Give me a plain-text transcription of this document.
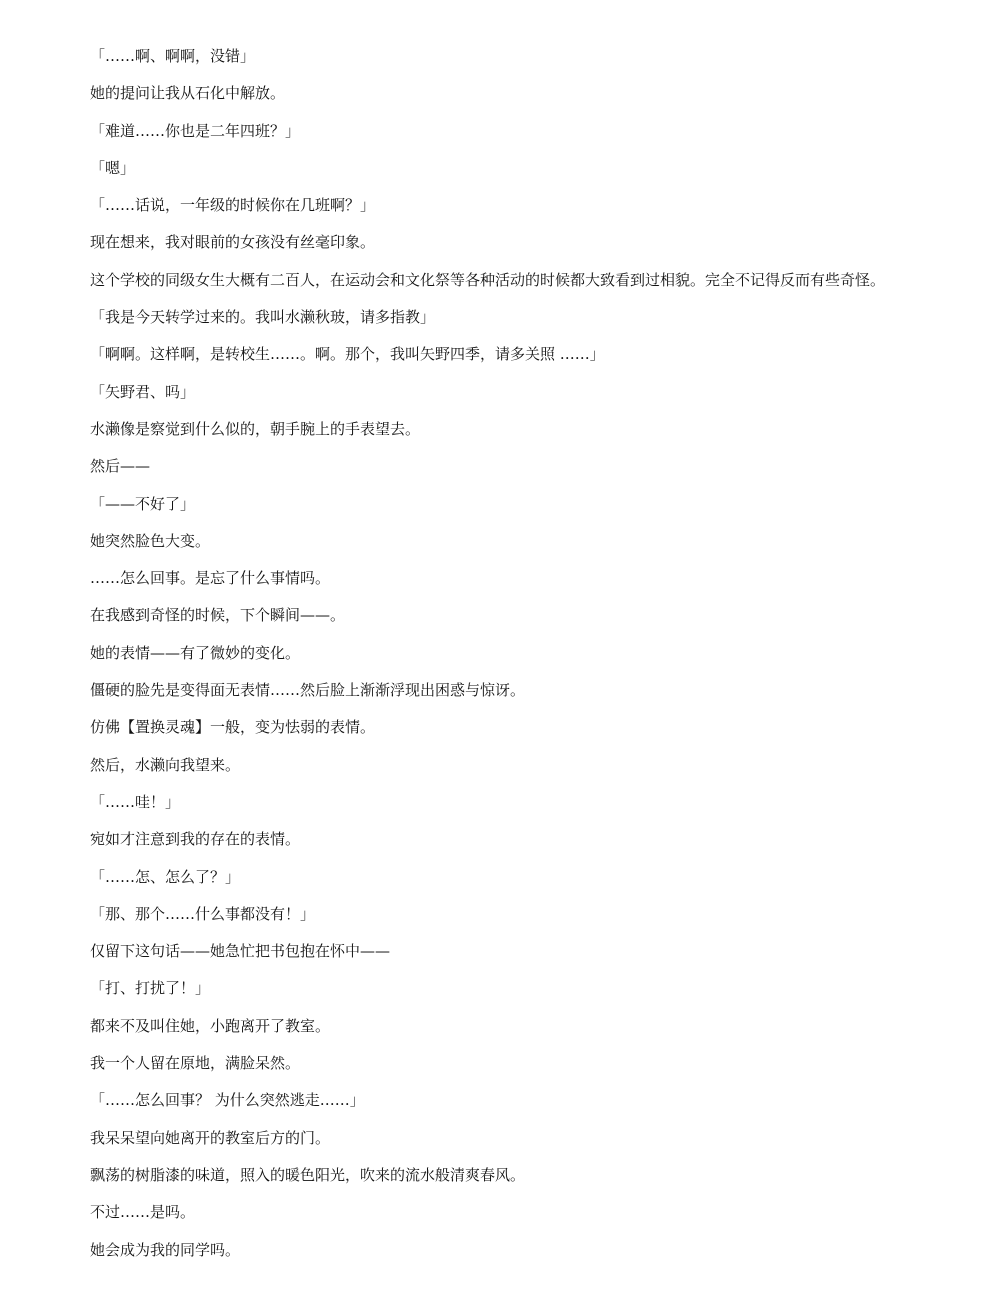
「……啊、啊啊，没错」

她的提问让我从石化中解放。

「难道……你也是二年四班？」

「嗯」

「……话说，一年级的时候你在几班啊？」

现在想来，我对眼前的女孩没有丝毫印象。

这个学校的同级女生大概有二百人，在运动会和文化祭等各种活动的时候都大致看到过相貌。完全不记得反而有些奇怪。

「我是今天转学过来的。我叫水濑秋玻，请多指教」

「啊啊。这样啊，是转校生……。啊。那个，我叫矢野四季，请多关照 ……」

「矢野君、吗」

水濑像是察觉到什么似的，朝手腕上的手表望去。

然后——

「——不好了」

她突然脸色大变。

……怎么回事。是忘了什么事情吗。

在我感到奇怪的时候，下个瞬间——。

她的表情——有了微妙的变化。

僵硬的脸先是变得面无表情……然后脸上渐渐浮现出困惑与惊讶。

仿佛【置换灵魂】一般，变为怯弱的表情。

然后，水濑向我望来。

「……哇！」

宛如才注意到我的存在的表情。

「……怎、怎么了？」

「那、那个……什么事都没有！」

仅留下这句话——她急忙把书包抱在怀中——

「打、打扰了！」

都来不及叫住她，小跑离开了教室。

我一个人留在原地，满脸呆然。

「……怎么回事？ 为什么突然逃走……」

我呆呆望向她离开的教室后方的门。

飘荡的树脂漆的味道，照入的暖色阳光，吹来的流水般清爽春风。

不过……是吗。

她会成为我的同学吗。
